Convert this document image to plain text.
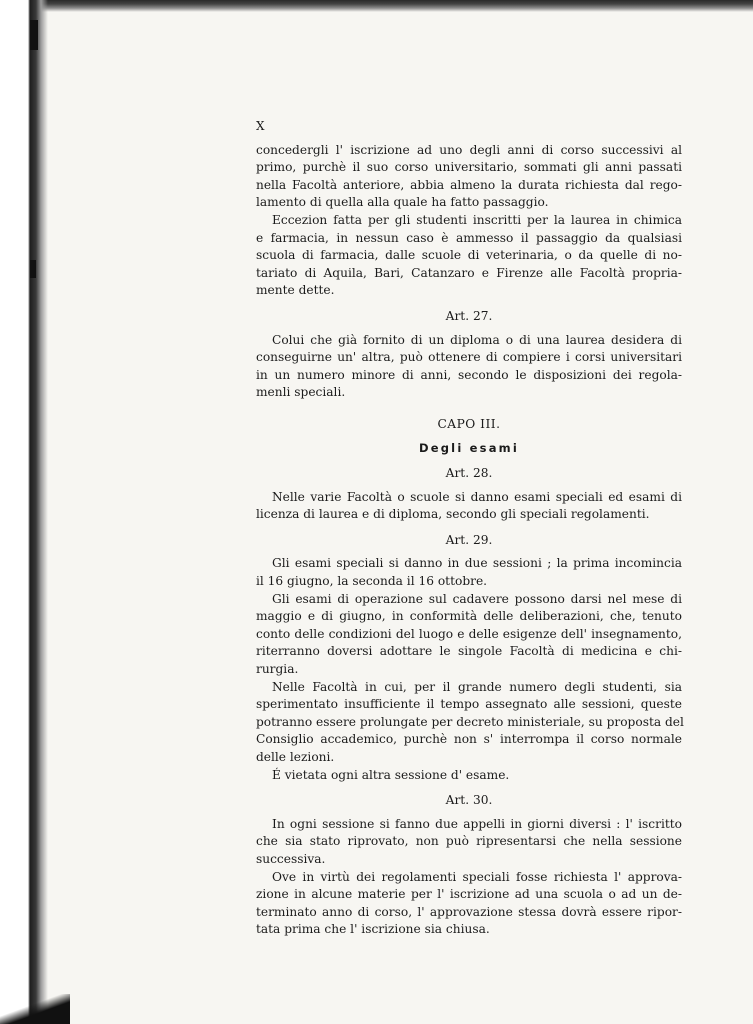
X

concedergli l' iscrizione ad uno degli anni di corso successivi al
primo, purchè il suo corso universitario, sommati gli anni passati
nella Facoltà anteriore, abbia almeno la durata richiesta dal rego-
lamento di quella alla quale ha fatto passaggio.

Eccezion fatta per gli studenti inscritti per la laurea in chimica
e farmacia, in nessun caso è ammesso il passaggio da qualsiasi
scuola di farmacia, dalle scuole di veterinaria, o da quelle di no-
tariato di Aquila, Bari, Catanzaro e Firenze alle Facoltà propria-
mente dette.

Art. 27.

Colui che già fornito di un diploma o di una laurea desidera di
conseguirne un' altra, può ottenere di compiere i corsi universitari
in un numero minore di anni, secondo le disposizioni dei regola-
menli speciali.

CAPO III.
Degli esami
Art. 28.

Nelle varie Facoltà o scuole si danno esami speciali ed esami di
licenza di laurea e di diploma, secondo gli speciali regolamenti.

Art. 29.

Gli esami speciali si danno in due sessioni ; la prima incomincia
il 16 giugno, la seconda il 16 ottobre.

Gli esami di operazione sul cadavere possono darsi nel mese di
maggio e di giugno, in conformità delle deliberazioni, che, tenuto
conto delle condizioni del luogo e delle esigenze dell' insegnamento,
riterranno doversi adottare le singole Facoltà di medicina e chi-
rurgia.

Nelle Facoltà in cui, per il grande numero degli studenti, sia
sperimentato insufficiente il tempo assegnato alle sessioni, queste
potranno essere prolungate per decreto ministeriale, su proposta del
Consiglio accademico, purchè non s' interrompa il corso normale
delle lezioni.

É vietata ogni altra sessione d' esame.

Art. 30.

In ogni sessione si fanno due appelli in giorni diversi : l' iscritto
che sia stato riprovato, non può ripresentarsi che nella sessione
successiva.

Ove in virtù dei regolamenti speciali fosse richiesta l' approva-
zione in alcune materie per l' iscrizione ad una scuola o ad un de-
terminato anno di corso, l' approvazione stessa dovrà essere ripor-
tata prima che l' iscrizione sia chiusa.
